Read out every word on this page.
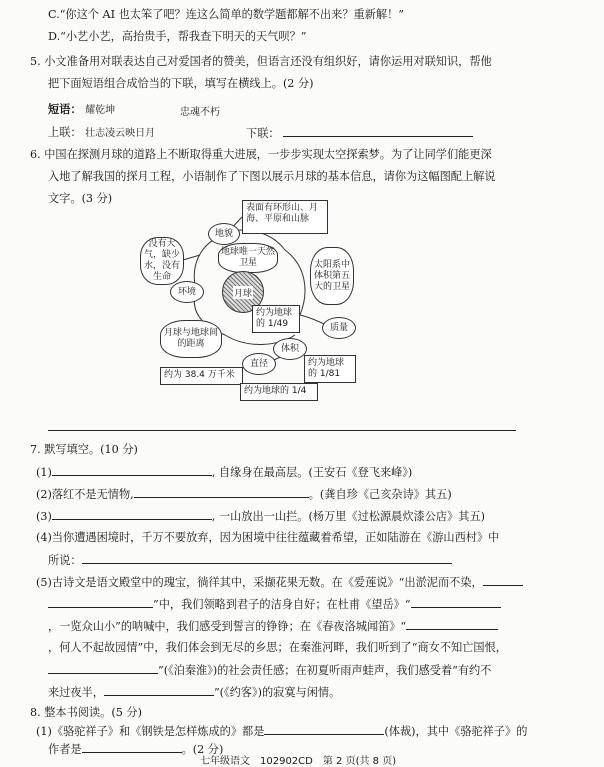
C.“你这个 AI 也太笨了吧？连这么简单的数学题都解不出来？重新解！”
D.“小艺小艺，高抬贵手，帮我查下明天的天气呗？”
5. 小文准备用对联表达自己对爱国者的赞美，但语言还没有组织好，请你运用对联知识，帮他
把下面短语组合成恰当的下联，填写在横线上。(2 分)
短语： 耀乾坤	忠魂不朽
上联： 壮志凌云映日月	下联：
6. 中国在探测月球的道路上不断取得重大进展，一步步实现太空探索梦。为了让同学们能更深
入地了解我国的探月工程，小语制作了下图以展示月球的基本信息，请你为这幅图配上解说
文字。(3 分)
表面有环形山、月海、平原和山脉
地貌
没有大气，缺少水，没有生命
地球唯一天然卫星	太阳系中体积第五大的卫星
环境	月球
约为地球的 1/49	质量
月球与地球间的距离	体积
约为地球的 1/81
直径
约为 38.4 万千米
约为地球的 1/4
7. 默写填空。(10 分)
(1)	, 自缘身在最高层。(王安石《登飞来峰》)
(2)落红不是无情物,	。(龚自珍《己亥杂诗》其五)
(3)	, 一山放出一山拦。(杨万里《过松源晨炊漆公店》其五)
(4)当你遭遇困境时，千万不要放弃，因为困境中往往蕴藏着希望，正如陆游在《游山西村》中
所说：
(5)古诗文是语文殿堂中的瑰宝，徜徉其中，采撷花果无数。在《爱莲说》“出淤泥而不染，
”中，我们领略到君子的洁身自好；在杜甫《望岳》“
，一览众山小”的呐喊中，我们感受到誓言的铮铮；在《春夜洛城闻笛》“
，何人不起故园情”中，我们体会到无尽的乡思；在秦淮河畔，我们听到了“商女不知亡国恨，
”(《泊秦淮》)的社会责任感；在初夏听雨声蛙声，我们感受着“有约不
来过夜半，	”(《约客》)的寂寞与闲情。
8. 整本书阅读。(5 分)
(1)《骆驼祥子》和《钢铁是怎样炼成的》都是	(体裁)，其中《骆驼祥子》的
作者是	。(2 分)
七年级语文　102902CD　第 2 页(共 8 页)
